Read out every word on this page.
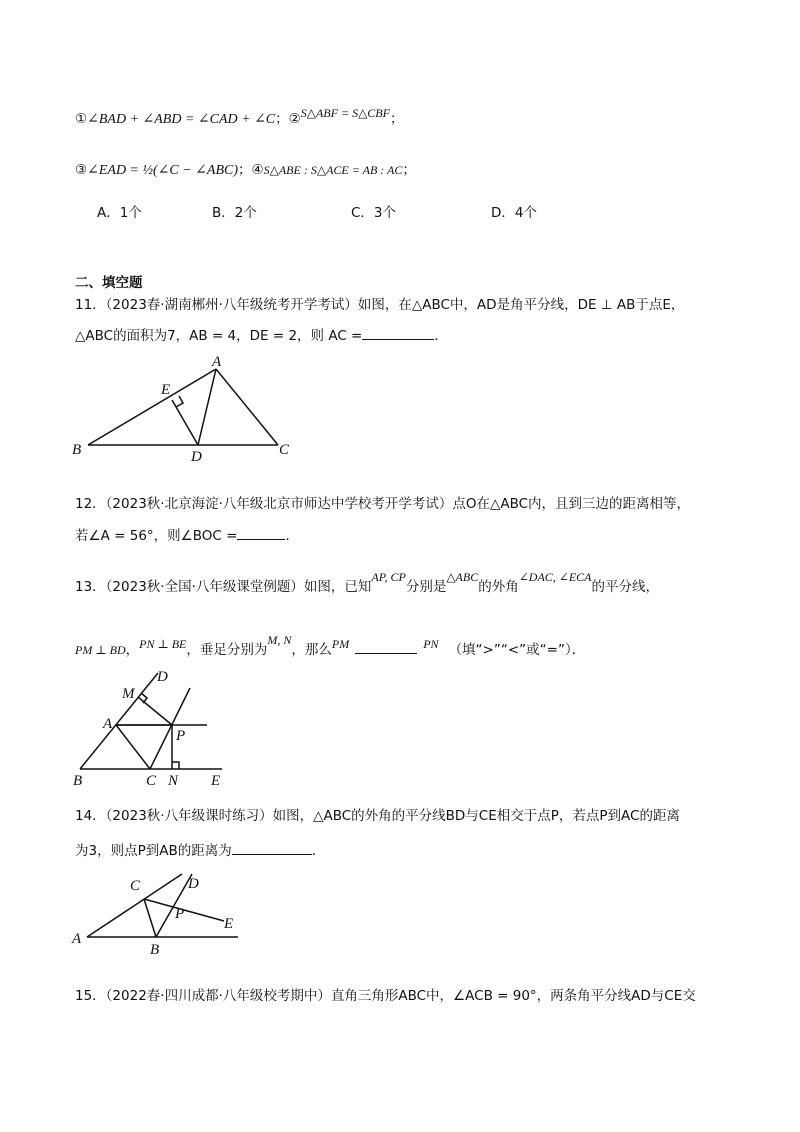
①∠BAD + ∠ABD = ∠CAD + ∠C；②S△ABF = S△CBF；
③∠EAD = ½(∠C − ∠ABC)；④S△ABE : S△ACE = AB : AC；
A．1个	B．2个	C．3个	D．4个
二、填空题
11．（2023春·湖南郴州·八年级统考开学考试）如图，在△ABC中，AD是角平分线，DE ⊥ AB于点E，
△ABC的面积为7，AB = 4，DE = 2，则 AC =	．
A
E
B	D	C
12．（2023秋·北京海淀·八年级北京市师达中学校考开学考试）点O在△ABC内，且到三边的距离相等，
若∠A = 56°，则∠BOC =	．
13．（2023秋·全国·八年级课堂例题）如图，已知AP, CP分别是△ABC的外角∠DAC, ∠ECA的平分线，
PM ⊥ BD，PN ⊥ BE，垂足分别为M, N，那么PM	PN （填“>”“<”或“=”）．
D
M
A
P
B	C N E
14．（2023秋·八年级课时练习）如图，△ABC的外角的平分线BD与CE相交于点P，若点P到AC的距离
为3，则点P到AB的距离为	．
C	D
P
E
A
B
15．（2022春·四川成都·八年级校考期中）直角三角形ABC中，∠ACB = 90°，两条角平分线AD与CE交
